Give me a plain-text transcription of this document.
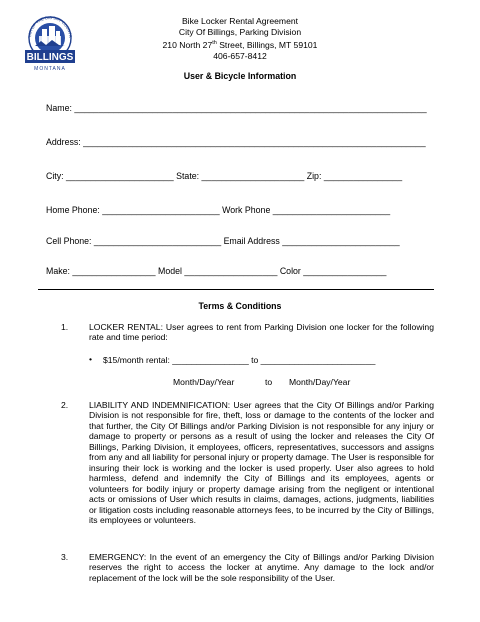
BILLINGS
MONTANA
TAR OF THE BIG SKY COUNTR
Bike Locker Rental Agreement
City Of Billings, Parking Division
210 North 27th Street, Billings, MT 59101
406-657-8412
User & Bicycle Information
Name: ________________________________________________________________________
Address: ______________________________________________________________________
City: ______________________ State: _____________________ Zip: ________________
Home Phone: ________________________ Work Phone ________________________
Cell Phone: __________________________ Email Address ________________________
Make: _________________ Model ___________________ Color _________________
Terms & Conditions
1. LOCKER RENTAL: User agrees to rent from Parking Division one locker for the following rate and time period:
• $15/month rental: ________________ to ________________________
Month/Day/Year	to Month/Day/Year
2. LIABILITY AND INDEMNIFICATION: User agrees that the City Of Billings and/or Parking Division is not responsible for fire, theft, loss or damage to the contents of the locker and that further, the City Of Billings and/or Parking Division is not responsible for any injury or damage to property or persons as a result of using the locker and releases the City Of Billings, Parking Division, it employees, officers, representatives, successors and assigns from any and all liability for personal injury or property damage. The User is responsible for insuring their lock is working and the locker is used properly. User also agrees to hold harmless, defend and indemnify the City of Billings and its employees, agents or volunteers for bodily injury or property damage arising from the negligent or intentional acts or omissions of User which results in claims, damages, actions, judgments, liabilities or litigation costs including reasonable attorneys fees, to be incurred by the City of Billings, its employees or volunteers.
3. EMERGENCY: In the event of an emergency the City of Billings and/or Parking Division reserves the right to access the locker at anytime. Any damage to the lock and/or replacement of the lock will be the sole responsibility of the User.
